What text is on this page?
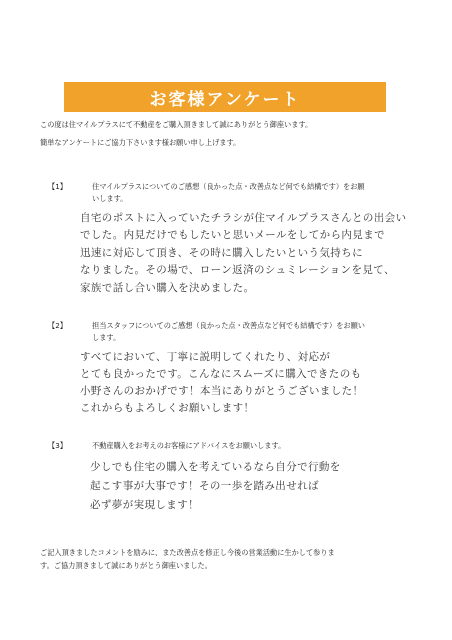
お客様アンケート
この度は住マイルプラスにて不動産をご購入頂きまして誠にありがとう御座います。
簡単なアンケートにご協力下さいます様お願い申し上げます。
【1】	住マイルプラスについてのご感想（良かった点・改善点など何でも結構です）をお願
いします。
自宅のポストに入っていたチラシが住マイルプラスさんとの出会い
でした。内見だけでもしたいと思いメールをしてから内見まで
迅速に対応して頂き、その時に購入したいという気持ちに
なりました。その場で、ローン返済のシュミレーションを見て、
家族で話し合い購入を決めました。
【2】	担当スタッフについてのご感想（良かった点・改善点など何でも結構です）をお願い
します。
すべてにおいて、丁寧に説明してくれたり、対応が
とても良かったです。こんなにスムーズに購入できたのも
小野さんのおかげです！本当にありがとうございました！
これからもよろしくお願いします！
【3】	不動産購入をお考えのお客様にアドバイスをお願いします。
少しでも住宅の購入を考えているなら自分で行動を
起こす事が大事です！その一歩を踏み出せれば
必ず夢が実現します！
ご記入頂きましたコメントを励みに、また改善点を修正し今後の営業活動に生かして参りま
す。ご協力頂きまして誠にありがとう御座いました。
